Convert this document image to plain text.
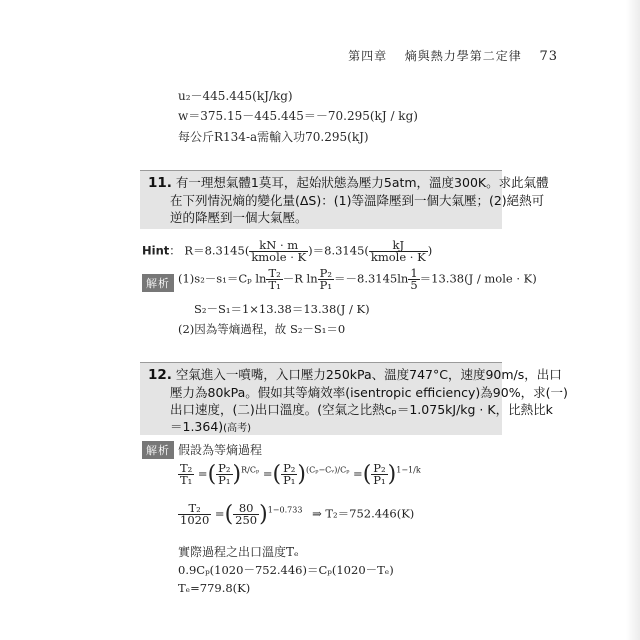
第四章 熵與熱力學第二定律 73
u₂－445.445(kJ/kg)
w＝375.15－445.445＝－70.295(kJ / kg)
每公斤R134-a需輸入功70.295(kJ)
11. 有一理想氣體1莫耳，起始狀態為壓力5atm，溫度300K。求此氣體
在下列情況熵的變化量(ΔS)：(1)等溫降壓到一個大氣壓；(2)絕熱可
逆的降壓到一個大氣壓。
Hint： $R=8.3145( \frac{kN \cdot m}{\text{kmole · K}} )=8.3145( \frac{kJ}{\text{kmole · K}}$ )
解析 (1)s₂－s₁＝Cₚ $\ln \frac{\text{T₂}}{\text{T₁}} -R$ $\ln \frac{\text{P₂}}{\text{P₁}} =-8.3145\ln \frac{1}{5} =13.38(J$ / mole · K)
S₂－S₁＝1×13.38＝13.38(J / K)
(2)因為等熵過程，故 S₂－S₁＝0
12. 空氣進入一噴嘴，入口壓力250kPa、溫度747°C，速度90m/s，出口
壓力為80kPa。假如其等熵效率(isentropic efficiency)為90%，求(一)
出口速度，(二)出口溫度。(空氣之比熱cₚ＝1.075kJ/kg · K，比熱比k
＝1.364)(高考)
解析 假設為等熵過程
$\frac{\text{T₂}}{\text{T₁}}$ =( $\frac{\text{P₂}}{\text{P₁}} )^{R/C_p}$ =( $\frac{\text{P₂}}{\text{P₁}} )^{(C_p-Cᵥ)/C_p}$ =( $\frac{\text{P₂}}{\text{P₁}} )^{1-1/k}$
$\frac{\text{T₂}}{1020}$ =( $\frac{80}{250} )^{1-0.733}$ ⇒ T₂＝752.446(K)
實際過程之出口溫度Tₑ
0.9Cₚ(1020－752.446)＝Cₚ(1020－Tₑ)
Tₑ=779.8(K)
